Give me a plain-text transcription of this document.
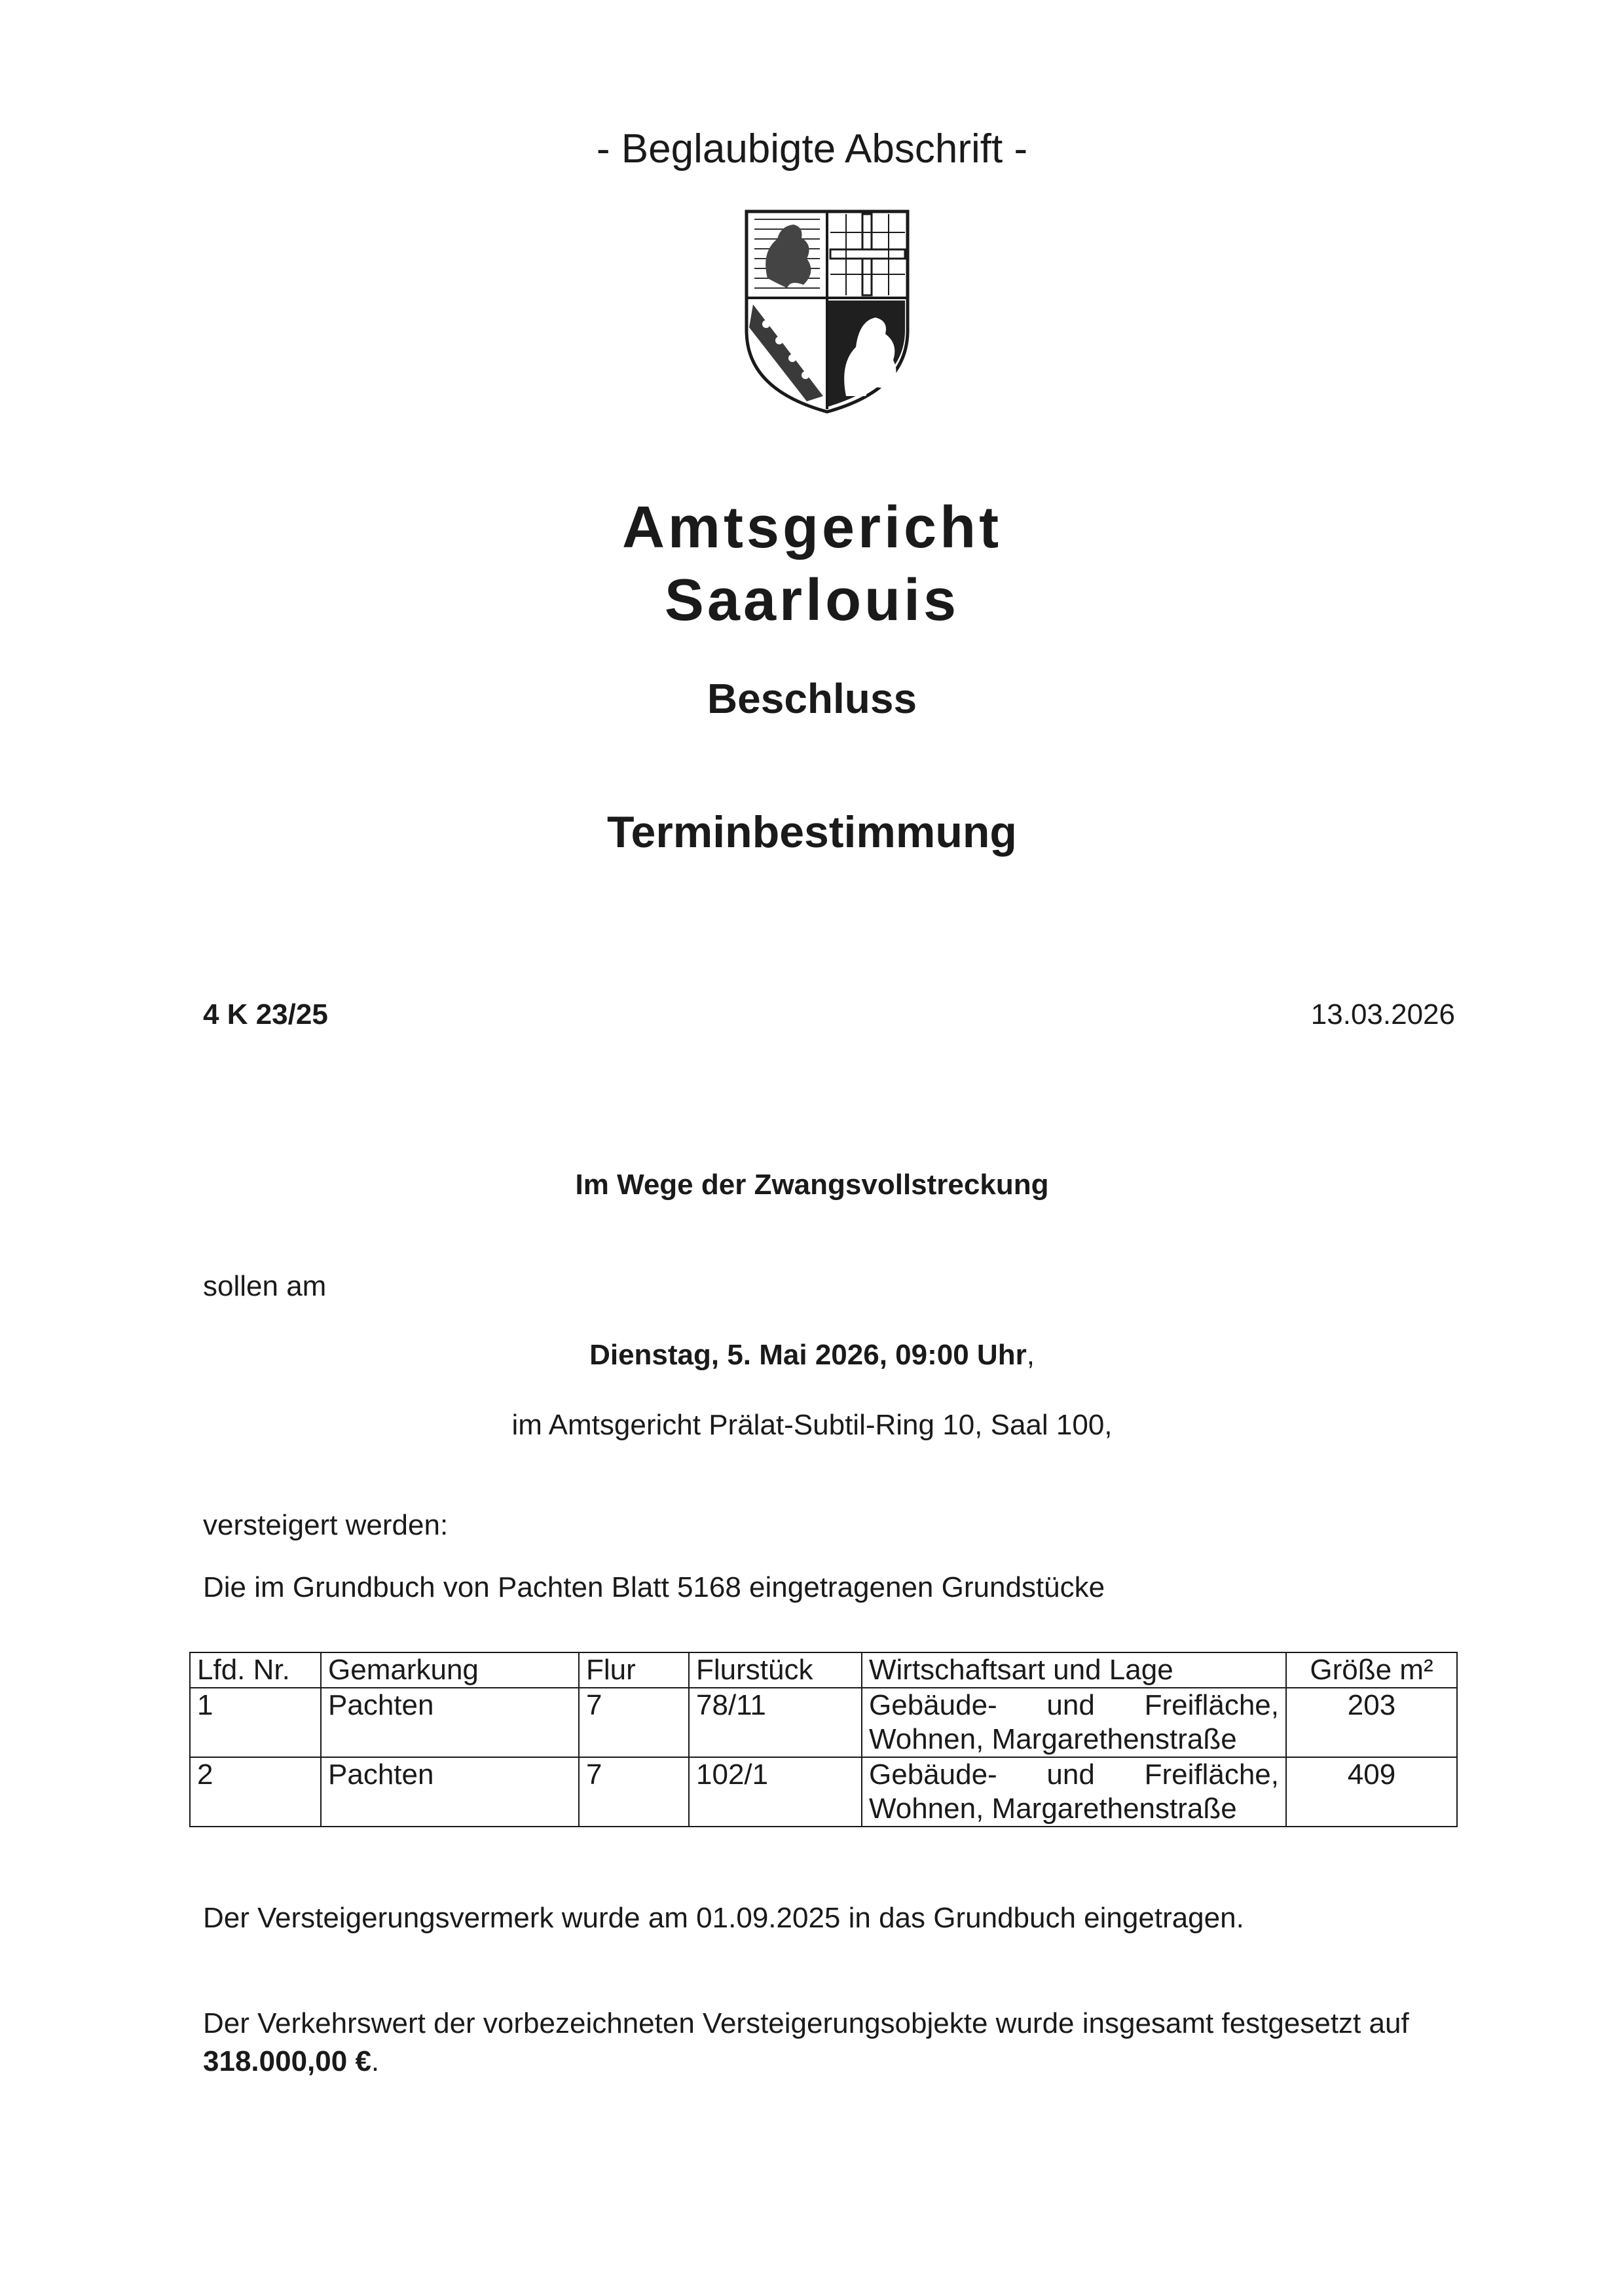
- Beglaubigte Abschrift -
Amtsgericht
Saarlouis
Beschluss
Terminbestimmung
4 K 23/25	13.03.2026
Im Wege der Zwangsvollstreckung
sollen am
Dienstag, 5. Mai 2026, 09:00 Uhr,
im Amtsgericht Prälat-Subtil-Ring 10, Saal 100,
versteigert werden:
Die im Grundbuch von Pachten Blatt 5168 eingetragenen Grundstücke
Lfd. Nr.	Gemarkung	Flur	Flurstück	Wirtschaftsart und Lage	Größe m²
1	Pachten	7	78/11	Gebäude- und Freifläche, Wohnen, Margarethenstraße	203
2	Pachten	7	102/1	Gebäude- und Freifläche, Wohnen, Margarethenstraße	409
Der Versteigerungsvermerk wurde am 01.09.2025 in das Grundbuch eingetragen.
Der Verkehrswert der vorbezeichneten Versteigerungsobjekte wurde insgesamt festgesetzt auf 318.000,00 €.
